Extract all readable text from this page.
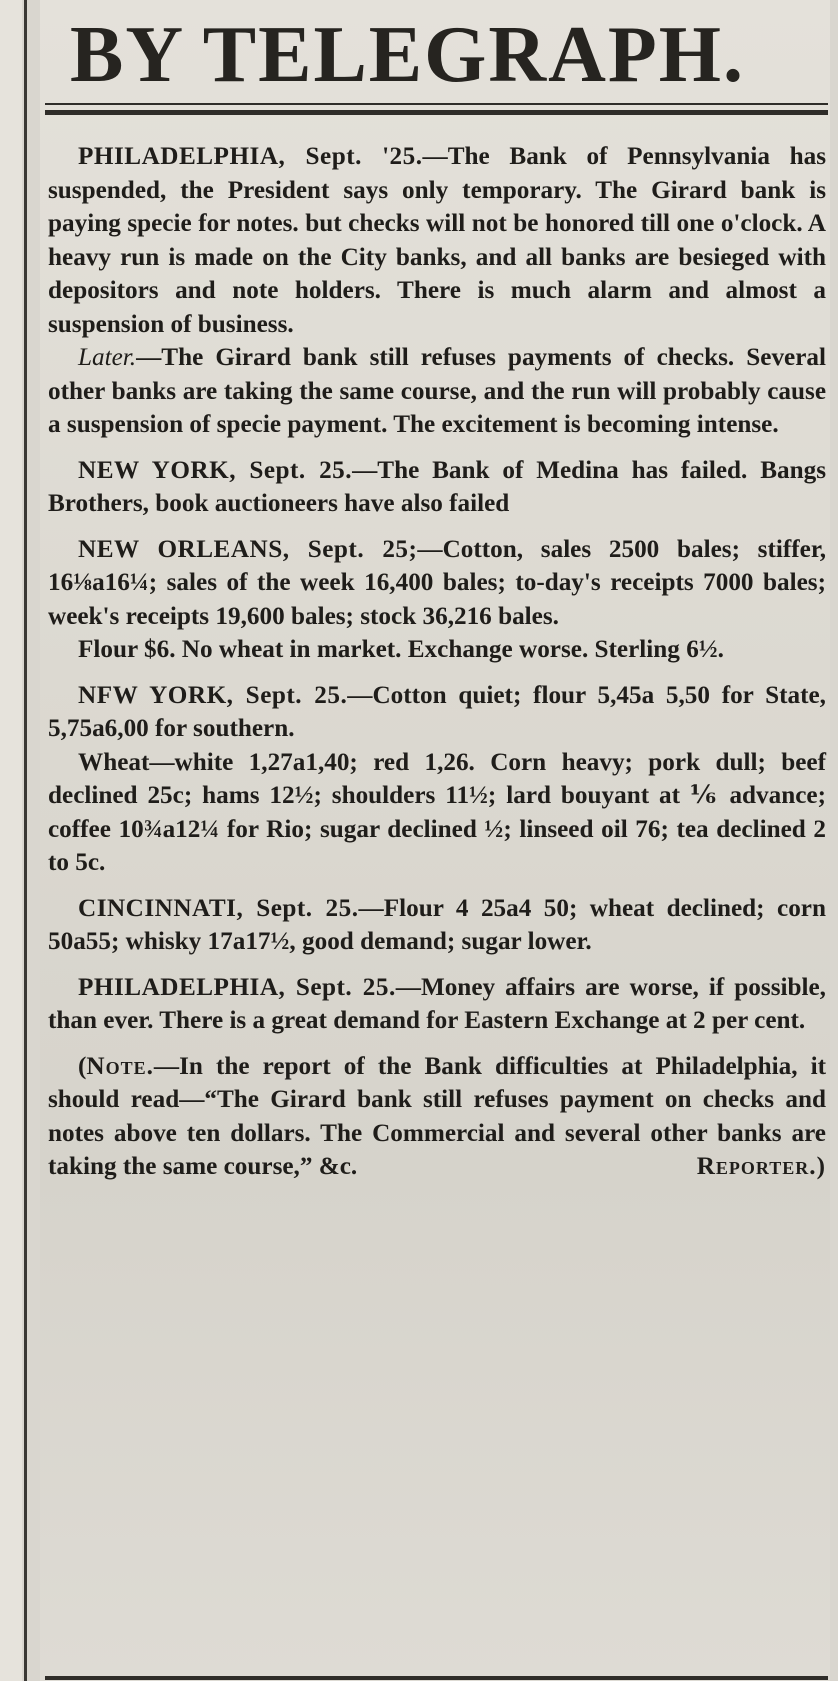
BY TELEGRAPH.

PHILADELPHIA, Sept. '25.—The Bank of Pennsylvania has suspended, the President says only temporary. The Girard bank is paying specie for notes. but checks will not be honored till one o'clock. A heavy run is made on the City banks, and all banks are besieged with depositors and note holders. There is much alarm and almost a suspension of business.

Later.—The Girard bank still refuses payments of checks. Several other banks are taking the same course, and the run will probably cause a suspension of specie payment. The excitement is becoming intense.

NEW YORK, Sept. 25.—The Bank of Medina has failed. Bangs Brothers, book auctioneers have also failed

NEW ORLEANS, Sept. 25;—Cotton, sales 2500 bales; stiffer, 16⅛a16¼; sales of the week 16,400 bales; to-day's receipts 7000 bales; week's receipts 19,600 bales; stock 36,216 bales.

Flour $6. No wheat in market. Exchange worse. Sterling 6½.

NFW YORK, Sept. 25.—Cotton quiet; flour 5,45a 5,50 for State, 5,75a6,00 for southern.

Wheat—white 1,27a1,40; red 1,26. Corn heavy; pork dull; beef declined 25c; hams 12½; shoulders 11½; lard bouyant at ⅙ advance; coffee 10¾a12¼ for Rio; sugar declined ½; linseed oil 76; tea declined 2 to 5c.

CINCINNATI, Sept. 25.—Flour 4 25a4 50; wheat declined; corn 50a55; whisky 17a17½, good demand; sugar lower.

PHILADELPHIA, Sept. 25.—Money affairs are worse, if possible, than ever. There is a great demand for Eastern Exchange at 2 per cent.

(Note.—In the report of the Bank difficulties at Philadelphia, it should read—“The Girard bank still refuses payment on checks and notes above ten dollars. The Commercial and several other banks are taking the same course,” &c.	Reporter.)
